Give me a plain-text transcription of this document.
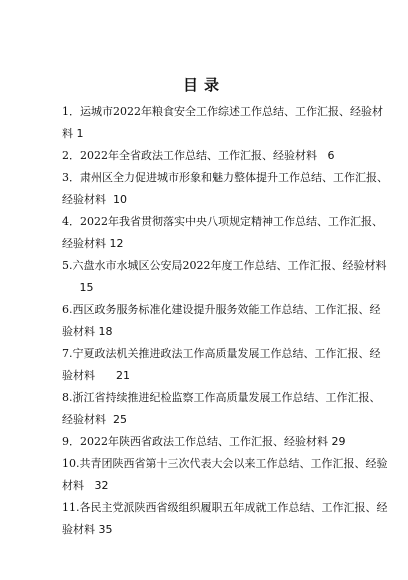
目录
1．运城市2022年粮食安全工作综述工作总结、工作汇报、经验材
料 1
2．2022年全省政法工作总结、工作汇报、经验材料 6
3．肃州区全力促进城市形象和魅力整体提升工作总结、工作汇报、
经验材料 10
4．2022年我省贯彻落实中央八项规定精神工作总结、工作汇报、
经验材料 12
5.六盘水市水城区公安局2022年度工作总结、工作汇报、经验材料
15
6.西区政务服务标准化建设提升服务效能工作总结、工作汇报、经
验材料 18
7.宁夏政法机关推进政法工作高质量发展工作总结、工作汇报、经
验材料 21
8.浙江省持续推进纪检监察工作高质量发展工作总结、工作汇报、
经验材料 25
9．2022年陕西省政法工作总结、工作汇报、经验材料 29
10.共青团陕西省第十三次代表大会以来工作总结、工作汇报、经验
材料 32
11.各民主党派陕西省级组织履职五年成就工作总结、工作汇报、经
验材料 35
